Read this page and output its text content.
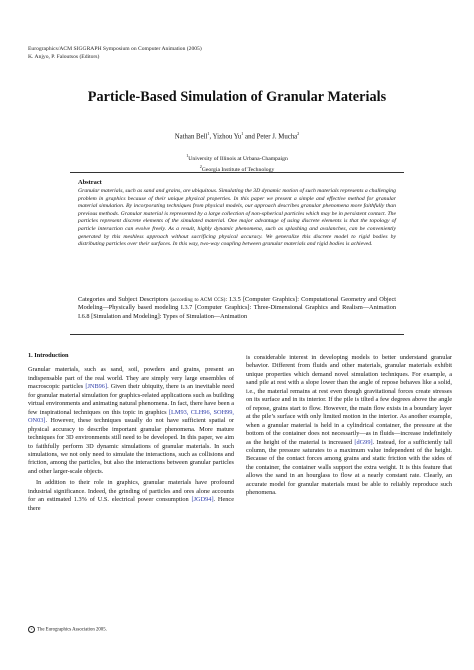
Eurographics/ACM SIGGRAPH Symposium on Computer Animation (2005)
K. Anjyo, P. Faloutsos (Editors)
Particle-Based Simulation of Granular Materials
Nathan Bell$^1$, Yizhou Yu$^1$ and Peter J. Mucha$^2$
$^1$University of Illinois at Urbana-Champaign
$^2$Georgia Institute of Technology
Abstract
Granular materials, such as sand and grains, are ubiquitous. Simulating the 3D dynamic motion of such materials represents a challenging problem in graphics because of their unique physical properties. In this paper we present a simple and effective method for granular material simulation. By incorporating techniques from physical models, our approach describes granular phenomena more faithfully than previous methods. Granular material is represented by a large collection of non-spherical particles which may be in persistent contact. The particles represent discrete elements of the simulated material. One major advantage of using discrete elements is that the topology of particle interaction can evolve freely. As a result, highly dynamic phenomena, such as splashing and avalanches, can be conveniently generated by this meshless approach without sacrificing physical accuracy. We generalize this discrete model to rigid bodies by distributing particles over their surfaces. In this way, two-way coupling between granular materials and rigid bodies is achieved.
Categories and Subject Descriptors (according to ACM CCS): I.3.5 [Computer Graphics]: Computational Geometry and Object Modeling—Physically based modeling I.3.7 [Computer Graphics]: Three-Dimensional Graphics and Realism—Animation I.6.8 [Simulation and Modeling]: Types of Simulation—Animation
1. Introduction

Granular materials, such as sand, soil, powders and grains, present an indispensable part of the real world. They are simply very large ensembles of macroscopic particles [JNB96]. Given their ubiquity, there is an inevitable need for granular material simulation for graphics-related applications such as building virtual environments and animating natural phenomena. In fact, there have been a few inspirational techniques on this topic in graphics [LM93, CLH96, SOH99, ON03]. However, these techniques usually do not have sufficient spatial or physical accuracy to describe important granular phenomena. More mature techniques for 3D environments still need to be developed. In this paper, we aim to faithfully perform 3D dynamic simulations of granular materials. In such simulations, we not only need to simulate the interactions, such as collisions and friction, among the particles, but also the interactions between granular particles and other larger-scale objects.

In addition to their role in graphics, granular materials have profound industrial significance. Indeed, the grinding of particles and ores alone accounts for an estimated 1.3% of U.S. electrical power consumption [JGD94]. Hence there

is considerable interest in developing models to better understand granular behavior. Different from fluids and other materials, granular materials exhibit unique properties which demand novel simulation techniques. For example, a sand pile at rest with a slope lower than the angle of repose behaves like a solid, i.e., the material remains at rest even though gravitational forces create stresses on its surface and in its interior. If the pile is tilted a few degrees above the angle of repose, grains start to flow. However, the main flow exists in a boundary layer at the pile’s surface with only limited motion in the interior. As another example, when a granular material is held in a cylindrical container, the pressure at the bottom of the container does not necessarily—as in fluids—increase indefinitely as the height of the material is increased [dG99]. Instead, for a sufficiently tall column, the pressure saturates to a maximum value independent of the height. Because of the contact forces among grains and static friction with the sides of the container, the container walls support the extra weight. It is this feature that allows the sand in an hourglass to flow at a nearly constant rate. Clearly, an accurate model for granular materials must be able to reliably reproduce such phenomena.

c The Eurographics Association 2005.
